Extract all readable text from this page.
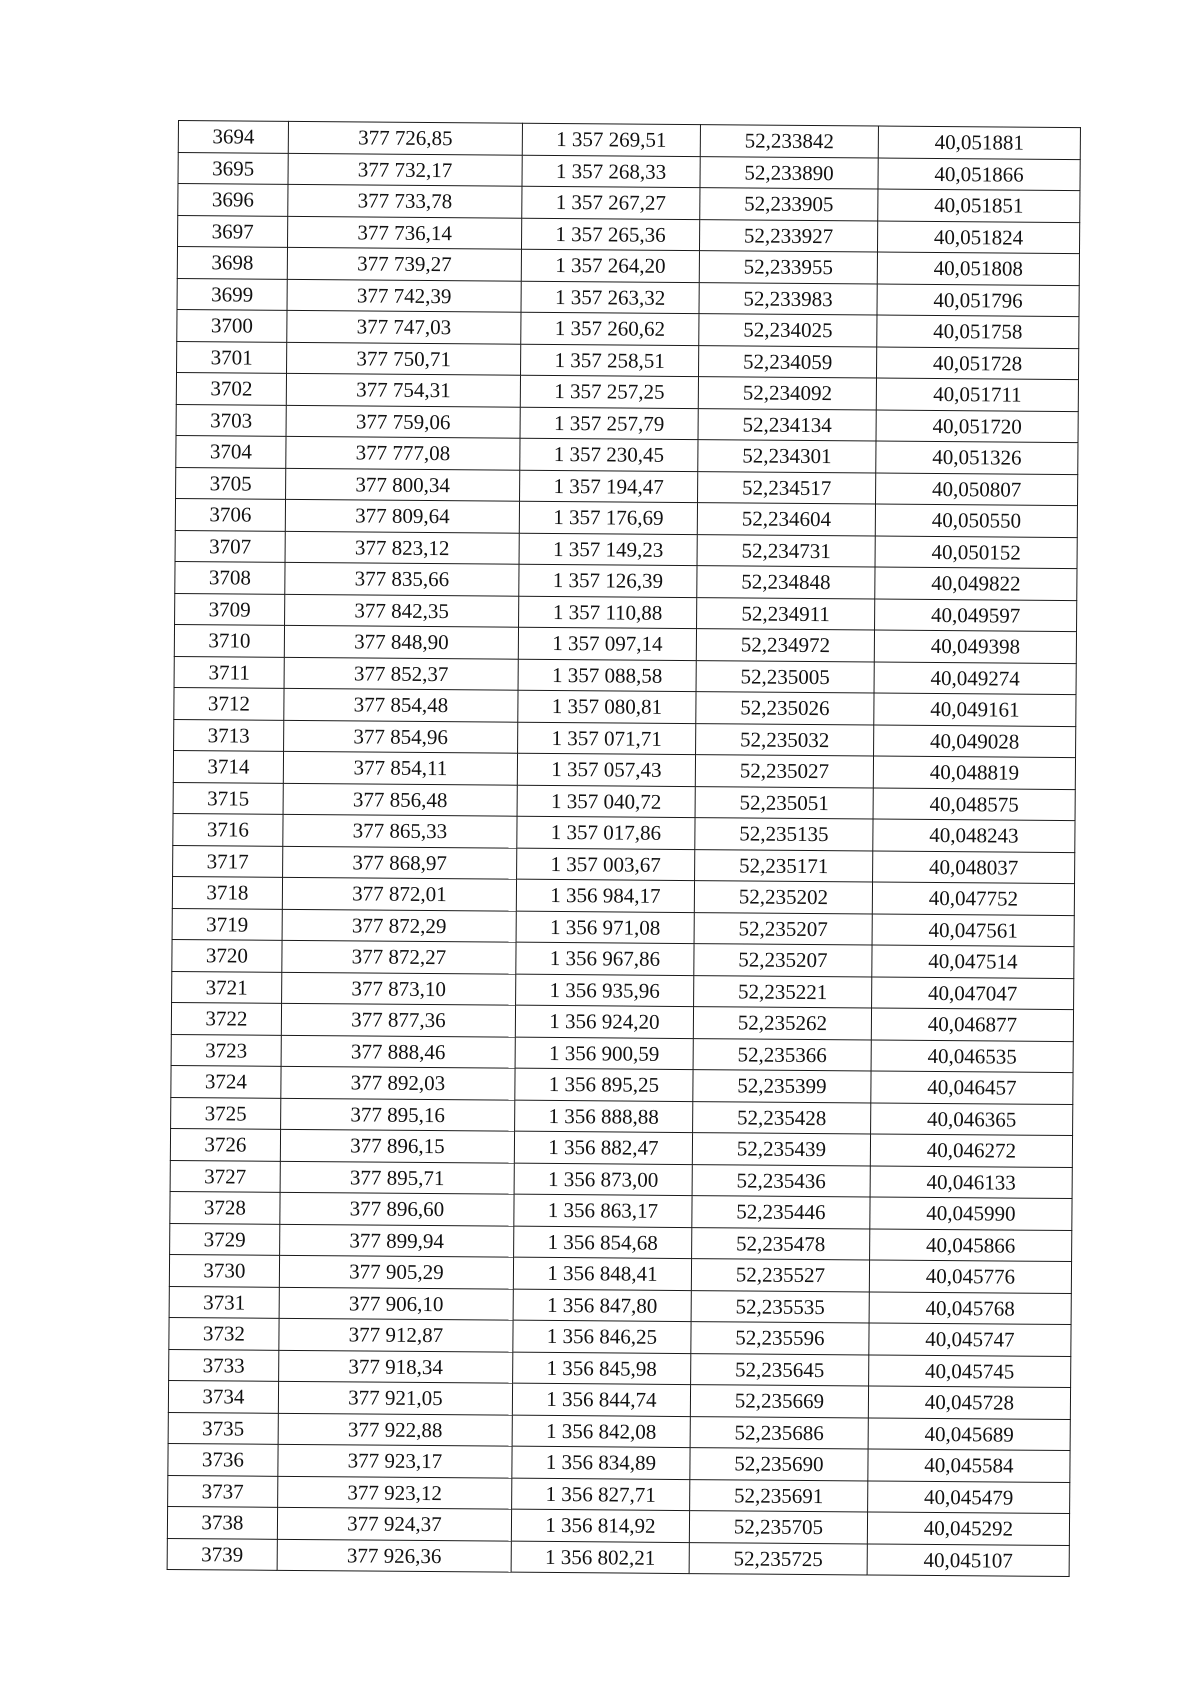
3694	377 726,85	1 357 269,51	52,233842	40,051881
3695	377 732,17	1 357 268,33	52,233890	40,051866
3696	377 733,78	1 357 267,27	52,233905	40,051851
3697	377 736,14	1 357 265,36	52,233927	40,051824
3698	377 739,27	1 357 264,20	52,233955	40,051808
3699	377 742,39	1 357 263,32	52,233983	40,051796
3700	377 747,03	1 357 260,62	52,234025	40,051758
3701	377 750,71	1 357 258,51	52,234059	40,051728
3702	377 754,31	1 357 257,25	52,234092	40,051711
3703	377 759,06	1 357 257,79	52,234134	40,051720
3704	377 777,08	1 357 230,45	52,234301	40,051326
3705	377 800,34	1 357 194,47	52,234517	40,050807
3706	377 809,64	1 357 176,69	52,234604	40,050550
3707	377 823,12	1 357 149,23	52,234731	40,050152
3708	377 835,66	1 357 126,39	52,234848	40,049822
3709	377 842,35	1 357 110,88	52,234911	40,049597
3710	377 848,90	1 357 097,14	52,234972	40,049398
3711	377 852,37	1 357 088,58	52,235005	40,049274
3712	377 854,48	1 357 080,81	52,235026	40,049161
3713	377 854,96	1 357 071,71	52,235032	40,049028
3714	377 854,11	1 357 057,43	52,235027	40,048819
3715	377 856,48	1 357 040,72	52,235051	40,048575
3716	377 865,33	1 357 017,86	52,235135	40,048243
3717	377 868,97	1 357 003,67	52,235171	40,048037
3718	377 872,01	1 356 984,17	52,235202	40,047752
3719	377 872,29	1 356 971,08	52,235207	40,047561
3720	377 872,27	1 356 967,86	52,235207	40,047514
3721	377 873,10	1 356 935,96	52,235221	40,047047
3722	377 877,36	1 356 924,20	52,235262	40,046877
3723	377 888,46	1 356 900,59	52,235366	40,046535
3724	377 892,03	1 356 895,25	52,235399	40,046457
3725	377 895,16	1 356 888,88	52,235428	40,046365
3726	377 896,15	1 356 882,47	52,235439	40,046272
3727	377 895,71	1 356 873,00	52,235436	40,046133
3728	377 896,60	1 356 863,17	52,235446	40,045990
3729	377 899,94	1 356 854,68	52,235478	40,045866
3730	377 905,29	1 356 848,41	52,235527	40,045776
3731	377 906,10	1 356 847,80	52,235535	40,045768
3732	377 912,87	1 356 846,25	52,235596	40,045747
3733	377 918,34	1 356 845,98	52,235645	40,045745
3734	377 921,05	1 356 844,74	52,235669	40,045728
3735	377 922,88	1 356 842,08	52,235686	40,045689
3736	377 923,17	1 356 834,89	52,235690	40,045584
3737	377 923,12	1 356 827,71	52,235691	40,045479
3738	377 924,37	1 356 814,92	52,235705	40,045292
3739	377 926,36	1 356 802,21	52,235725	40,045107
